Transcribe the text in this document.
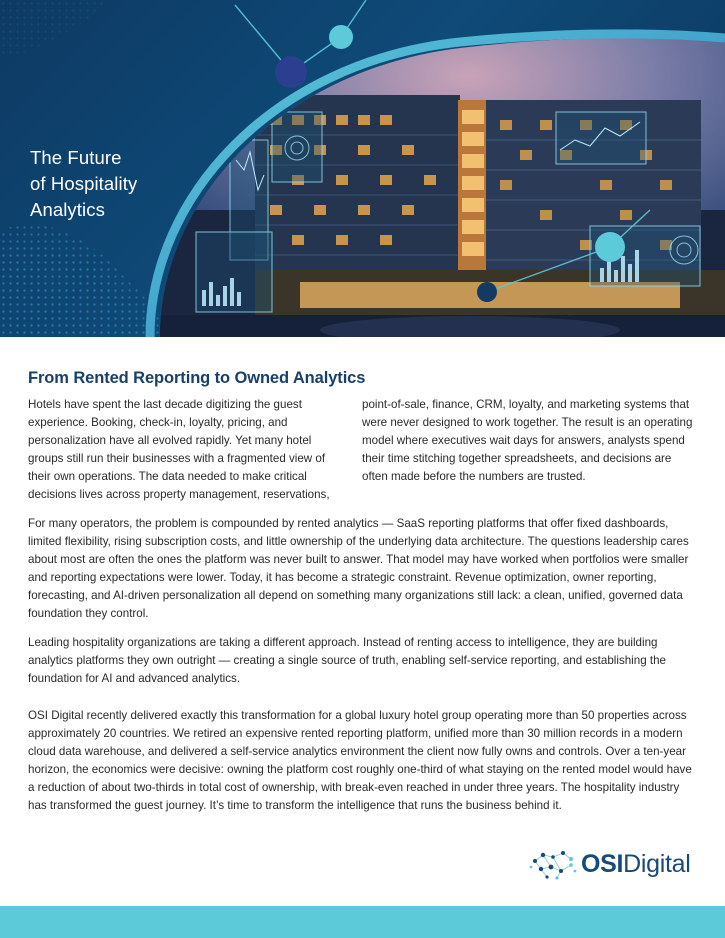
The Future
of Hospitality
Analytics
From Rented Reporting to Owned Analytics

Hotels have spent the last decade digitizing the guest experience. Booking, check-in, loyalty, pricing, and personalization have all evolved rapidly. Yet many hotel groups still run their businesses with a fragmented view of their own operations. The data needed to make critical decisions lives across property management, reservations,

point-of-sale, finance, CRM, loyalty, and marketing systems that were never designed to work together. The result is an operating model where executives wait days for answers, analysts spend their time stitching together spreadsheets, and decisions are often made before the numbers are trusted.

For many operators, the problem is compounded by rented analytics — SaaS reporting platforms that offer fixed dashboards, limited flexibility, rising subscription costs, and little ownership of the underlying data architecture. The questions leadership cares about most are often the ones the platform was never built to answer. That model may have worked when portfolios were smaller and reporting expectations were lower. Today, it has become a strategic constraint. Revenue optimization, owner reporting, forecasting, and AI-driven personalization all depend on something many organizations still lack: a clean, unified, governed data foundation they control.

Leading hospitality organizations are taking a different approach. Instead of renting access to intelligence, they are building analytics platforms they own outright — creating a single source of truth, enabling self-service reporting, and establishing the foundation for AI and advanced analytics.

OSI Digital recently delivered exactly this transformation for a global luxury hotel group operating more than 50 properties across approximately 20 countries. We retired an expensive rented reporting platform, unified more than 30 million records in a modern cloud data warehouse, and delivered a self-service analytics environment the client now fully owns and controls. Over a ten-year horizon, the economics were decisive: owning the platform cost roughly one-third of what staying on the rented model would have a reduction of about two-thirds in total cost of ownership, with break-even reached in under three years. The hospitality industry has transformed the guest journey. It’s time to transform the intelligence that runs the business behind it.

OSIDigital
